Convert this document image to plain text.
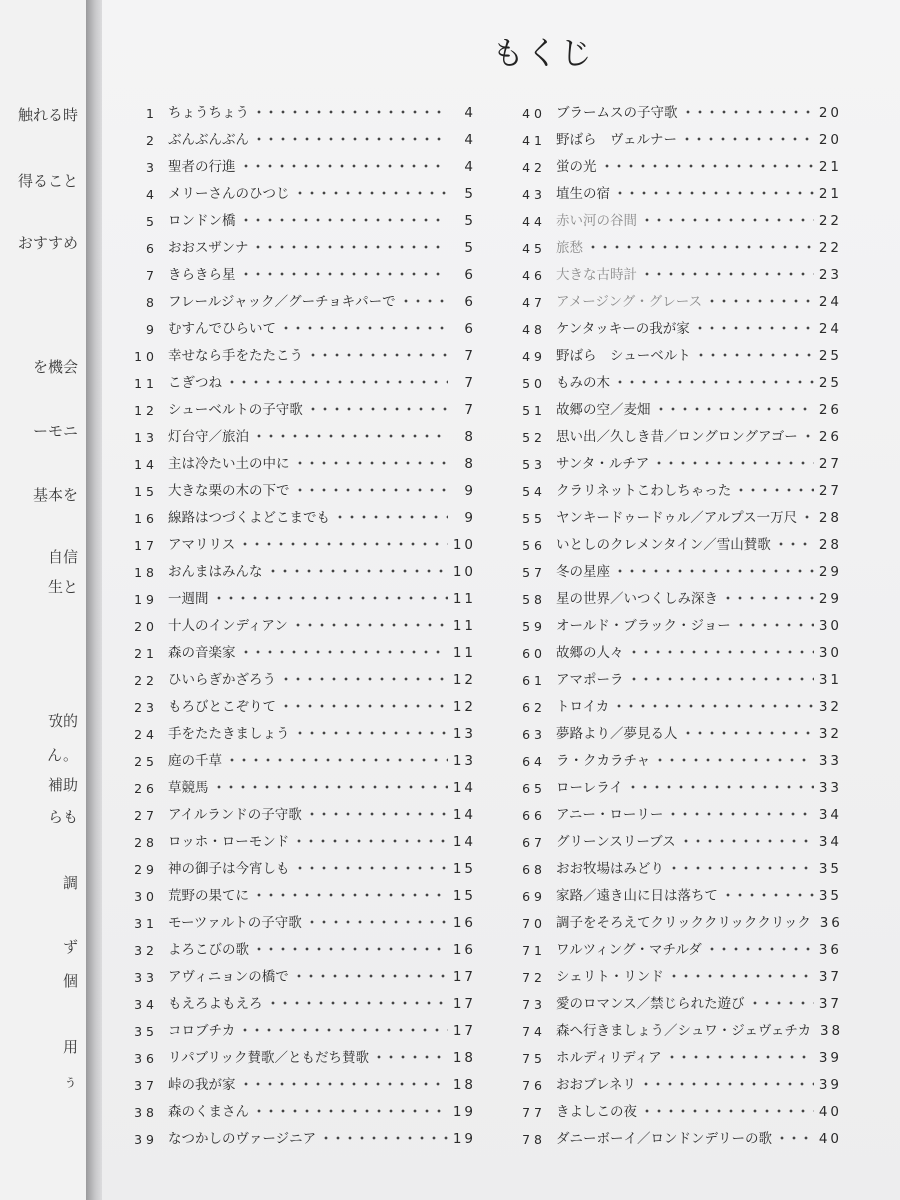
触れる時
得ること
おすすめ
を機会
ーモニ
基本を
自信
生と
攷的
ん。
補助
らも
調
ず
個
用
ぅ
もくじ
1 ちょうちょう	4
2 ぶんぶんぶん	4
3 聖者の行進	4
4 メリーさんのひつじ	5
5 ロンドン橋	5
6 おおスザンナ	5
7 きらきら星	6
8 フレールジャック／グーチョキパーで	6
9 むすんでひらいて	6
10 幸せなら手をたたこう	7
11 こぎつね	7
12 シューベルトの子守歌	7
13 灯台守／旅泊	8
14 主は冷たい土の中に	8
15 大きな栗の木の下で	9
16 線路はつづくよどこまでも	9
17 アマリリス	10
18 おんまはみんな	10
19 一週間	11
20 十人のインディアン	11
21 森の音楽家	11
22 ひいらぎかざろう	12
23 もろびとこぞりて	12
24 手をたたきましょう	13
25 庭の千草	13
26 草競馬	14
27 アイルランドの子守歌	14
28 ロッホ・ローモンド	14
29 神の御子は今宵しも	15
30 荒野の果てに	15
31 モーツァルトの子守歌	16
32 よろこびの歌	16
33 アヴィニョンの橋で	17
34 もえろよもえろ	17
35 コロブチカ	17
36 リパブリック賛歌／ともだち賛歌	18
37 峠の我が家	18
38 森のくまさん	19
39 なつかしのヴァージニア	19
40 ブラームスの子守歌	20
41 野ばら　ヴェルナー	20
42 蛍の光	21
43 埴生の宿	21
44 赤い河の谷間	22
45 旅愁	22
46 大きな古時計	23
47 アメージング・グレース	24
48 ケンタッキーの我が家	24
49 野ばら　シューベルト	25
50 もみの木	25
51 故郷の空／麦畑	26
52 思い出／久しき昔／ロングロングアゴー 26
53 サンタ・ルチア	27
54 クラリネットこわしちゃった	27
55 ヤンキードゥードゥル／アルプス一万尺 28
56 いとしのクレメンタイン／雪山賛歌	28
57 冬の星座	29
58 星の世界／いつくしみ深き	29
59 オールド・ブラック・ジョー	30
60 故郷の人々	30
61 アマポーラ	31
62 トロイカ	32
63 夢路より／夢見る人	32
64 ラ・クカラチャ	33
65 ローレライ	33
66 アニー・ローリー	34
67 グリーンスリーブス	34
68 おお牧場はみどり	35
69 家路／遠き山に日は落ちて	35
70 調子をそろえてクリッククリッククリック 36
71 ワルツィング・マチルダ	36
72 シェリト・リンド	37
73 愛のロマンス／禁じられた遊び	37
74 森へ行きましょう／シュワ・ジェヴェチカ 38
75 ホルディリディア	39
76 おおブレネリ	39
77 きよしこの夜	40
78 ダニーボーイ／ロンドンデリーの歌	40
